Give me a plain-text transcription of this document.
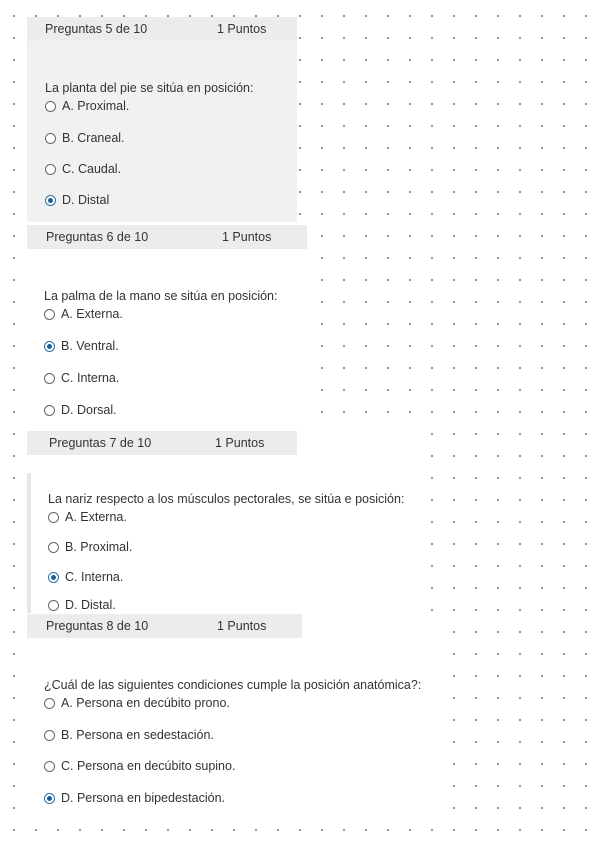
Preguntas 5 de 10	1 Puntos
La planta del pie se sitúa en posición:
A. Proximal.
B. Craneal.
C. Caudal.
D. Distal
Preguntas 6 de 10	1 Puntos
La palma de la mano se sitúa en posición:
A. Externa.
B. Ventral.
C. Interna.
D. Dorsal.
Preguntas 7 de 10	1 Puntos
La nariz respecto a los músculos pectorales, se sitúa e posición:
A. Externa.
B. Proximal.
C. Interna.
D. Distal.
Preguntas 8 de 10	1 Puntos
¿Cuál de las siguientes condiciones cumple la posición anatómica?:
A. Persona en decúbito prono.
B. Persona en sedestación.
C. Persona en decúbito supino.
D. Persona en bipedestación.
